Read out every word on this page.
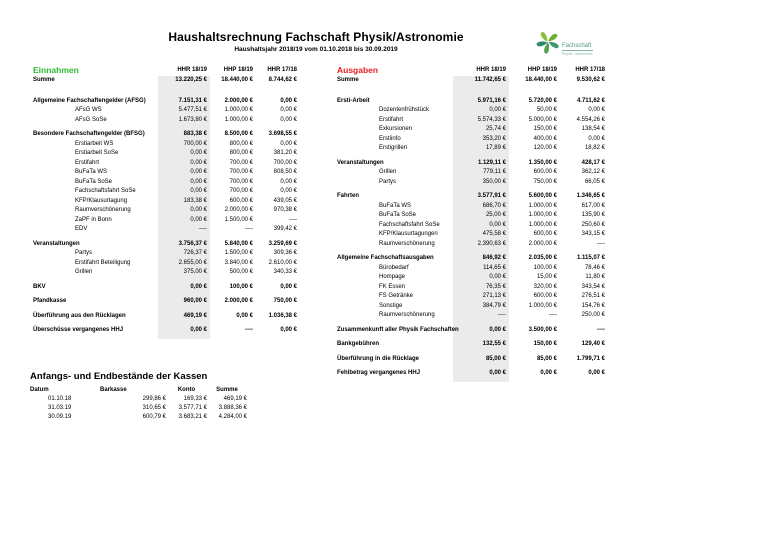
Haushaltsrechnung Fachschaft Physik/Astronomie
Haushaltsjahr 2018/19 vom 01.10.2018 bis 30.09.2019	Fachschaft
Physik / Astronomie
Einnahmen	HHR 18/19	HHP 18/19	HHR 17/18
Summe	13.220,25 €	18.440,00 €	8.744,62 €
Allgemeine Fachschaftengelder (AFSG)	7.151,31 €	2.000,00 €	0,00 €
AFsG WS	5.477,51 €	1.000,00 €	0,00 €
AFsG SoSe	1.673,80 €	1.000,00 €	0,00 €
Besondere Fachschaftengelder (BFSG)	883,38 €	8.500,00 €	3.698,55 €
Erstiarbeit WS	700,00 €	800,00 €	0,00 €
Erstiarbeit SoSe	0,00 €	800,00 €	381,20 €
Erstifahrt	0,00 €	700,00 €	700,00 €
BuFaTa WS	0,00 €	700,00 €	808,50 €
BuFaTa SoSe	0,00 €	700,00 €	0,00 €
Fachschaftsfahrt SoSe	0,00 €	700,00 €	0,00 €
KFP/Klausurtagung	183,38 €	600,00 €	439,05 €
Raumverschönerung	0,00 €	2.000,00 €	970,38 €
ZaPF in Bonn	0,00 €	1.500,00 €	----
EDV	----	----	399,42 €
Veranstaltungen	3.756,37 €	5.840,00 €	3.259,69 €
Partys	726,37 €	1.500,00 €	309,36 €
Erstifahrt Beteiligung	2.655,00 €	3.840,00 €	2.610,00 €
Grillen	375,00 €	500,00 €	340,33 €
BKV	0,00 €	100,00 €	0,00 €
Pfandkasse	960,00 €	2.000,00 €	750,00 €
Überführung aus den Rücklagen	469,19 €	0,00 €	1.036,38 €
Überschüsse vergangenes HHJ	0,00 €	----	0,00 €
Ausgaben	HHR 18/19	HHP 18/19	HHR 17/18
Summe	11.742,65 €	18.440,00 €	9.530,62 €
Ersti-Arbeit	5.971,16 €	5.720,00 €	4.711,62 €
Dozentenfrühstück	0,00 €	50,00 €	0,00 €
Erstifahrt	5.574,33 €	5.000,00 €	4.554,26 €
Exkursionen	25,74 €	150,00 €	138,54 €
Erstiinfo	353,20 €	400,00 €	0,00 €
Erstigrillen	17,89 €	120,00 €	18,82 €
Veranstaltungen	1.129,11 €	1.350,00 €	428,17 €
Grillen	779,11 €	600,00 €	362,12 €
Partys	350,00 €	750,00 €	66,05 €
Fahrten	3.577,91 €	5.600,00 €	1.346,65 €
BuFaTa WS	686,70 €	1.000,00 €	617,00 €
BuFaTa SoSe	25,00 €	1.000,00 €	135,90 €
Fachschaftsfahrt SoSe	0,00 €	1.000,00 €	250,60 €
KFP/Klausurtagungen	475,58 €	600,00 €	343,15 €
Raumverschönerung	2.390,63 €	2.000,00 €	----
Allgemeine Fachschaftsausgaben	846,92 €	2.035,00 €	1.115,07 €
Bürobedarf	114,65 €	100,00 €	78,46 €
Hompage	0,00 €	15,00 €	11,80 €
FK Essen	76,35 €	320,00 €	343,54 €
FS Getränke	271,13 €	600,00 €	276,51 €
Sonstige	384,79 €	1.000,00 €	154,76 €
Raumverschönerung	----	----	250,00 €
Zusammenkunft aller Physik Fachschaften	0,00 €	3.500,00 €	----
Bankgebühren	132,55 €	150,00 €	129,40 €
Überführung in die Rücklage	85,00 €	85,00 €	1.799,71 €
Fehlbetrag vergangenes HHJ	0,00 €	0,00 €	0,00 €
Anfangs- und Endbestände der Kassen
Datum	Barkasse	Konto	Summe
01.10.18	299,86 €	169,33 €	469,19 €
31.03.19	310,65 €	3.577,71 €	3.888,36 €
30.09.19	600,79 €	3.683,21 €	4.284,00 €
